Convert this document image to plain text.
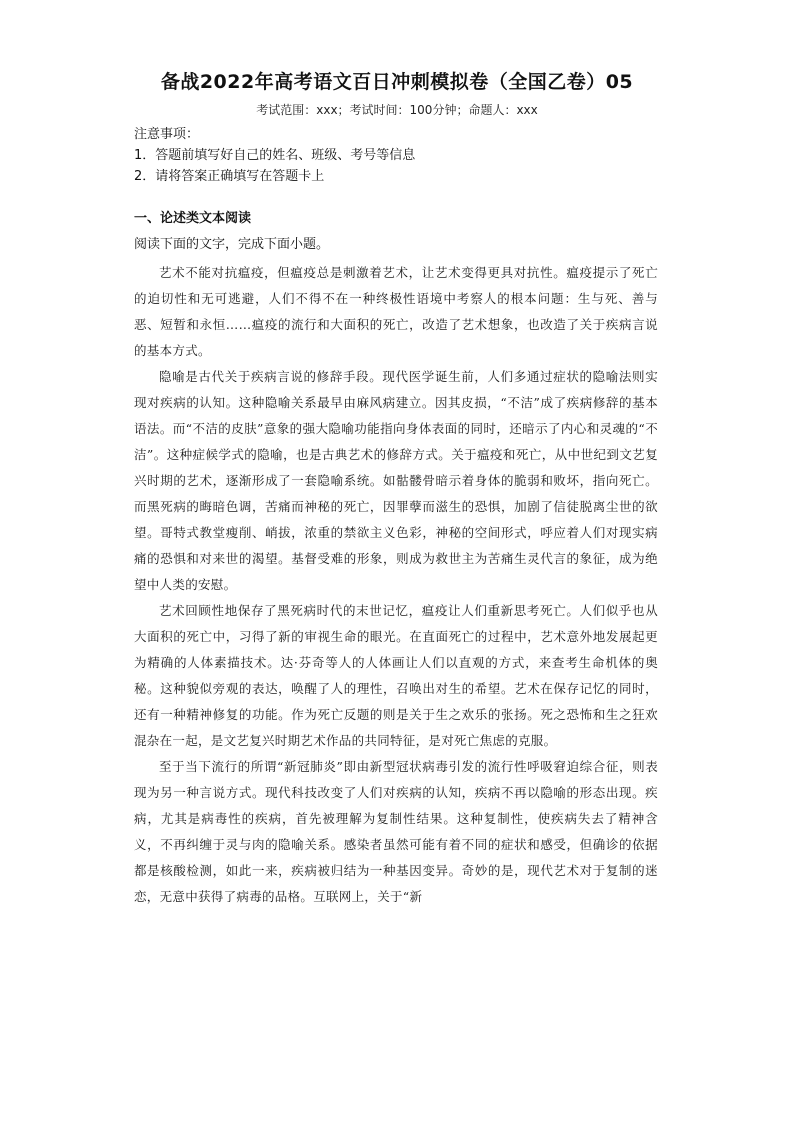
备战2022年高考语文百日冲刺模拟卷（全国乙卷）05
考试范围：xxx；考试时间：100分钟；命题人：xxx
注意事项：
1．答题前填写好自己的姓名、班级、考号等信息
2．请将答案正确填写在答题卡上
一、论述类文本阅读
阅读下面的文字，完成下面小题。

艺术不能对抗瘟疫，但瘟疫总是刺激着艺术，让艺术变得更具对抗性。瘟疫提示了死亡的迫切性和无可逃避，人们不得不在一种终极性语境中考察人的根本问题：生与死、善与恶、短暂和永恒……瘟疫的流行和大面积的死亡，改造了艺术想象，也改造了关于疾病言说的基本方式。

隐喻是古代关于疾病言说的修辞手段。现代医学诞生前，人们多通过症状的隐喻法则实现对疾病的认知。这种隐喻关系最早由麻风病建立。因其皮损，“不洁”成了疾病修辞的基本语法。而“不洁的皮肤”意象的强大隐喻功能指向身体表面的同时，还暗示了内心和灵魂的“不洁”。这种症候学式的隐喻，也是古典艺术的修辞方式。关于瘟疫和死亡，从中世纪到文艺复兴时期的艺术，逐渐形成了一套隐喻系统。如骷髅骨暗示着身体的脆弱和败坏，指向死亡。而黑死病的晦暗色调，苦痛而神秘的死亡，因罪孽而滋生的恐惧，加剧了信徒脱离尘世的欲望。哥特式教堂瘦削、峭拔，浓重的禁欲主义色彩，神秘的空间形式，呼应着人们对现实病痛的恐惧和对来世的渴望。基督受难的形象，则成为救世主为苦痛生灵代言的象征，成为绝望中人类的安慰。

艺术回顾性地保存了黑死病时代的末世记忆，瘟疫让人们重新思考死亡。人们似乎也从大面积的死亡中，习得了新的审视生命的眼光。在直面死亡的过程中，艺术意外地发展起更为精确的人体素描技术。达·芬奇等人的人体画让人们以直观的方式，来查考生命机体的奥秘。这种貌似旁观的表达，唤醒了人的理性，召唤出对生的希望。艺术在保存记忆的同时，还有一种精神修复的功能。作为死亡反题的则是关于生之欢乐的张扬。死之恐怖和生之狂欢混杂在一起，是文艺复兴时期艺术作品的共同特征，是对死亡焦虑的克服。

至于当下流行的所谓“新冠肺炎”即由新型冠状病毒引发的流行性呼吸窘迫综合征，则表现为另一种言说方式。现代科技改变了人们对疾病的认知，疾病不再以隐喻的形态出现。疾病，尤其是病毒性的疾病，首先被理解为复制性结果。这种复制性，使疾病失去了精神含义，不再纠缠于灵与肉的隐喻关系。感染者虽然可能有着不同的症状和感受，但确诊的依据都是核酸检测，如此一来，疾病被归结为一种基因变异。奇妙的是，现代艺术对于复制的迷恋，无意中获得了病毒的品格。互联网上，关于“新
